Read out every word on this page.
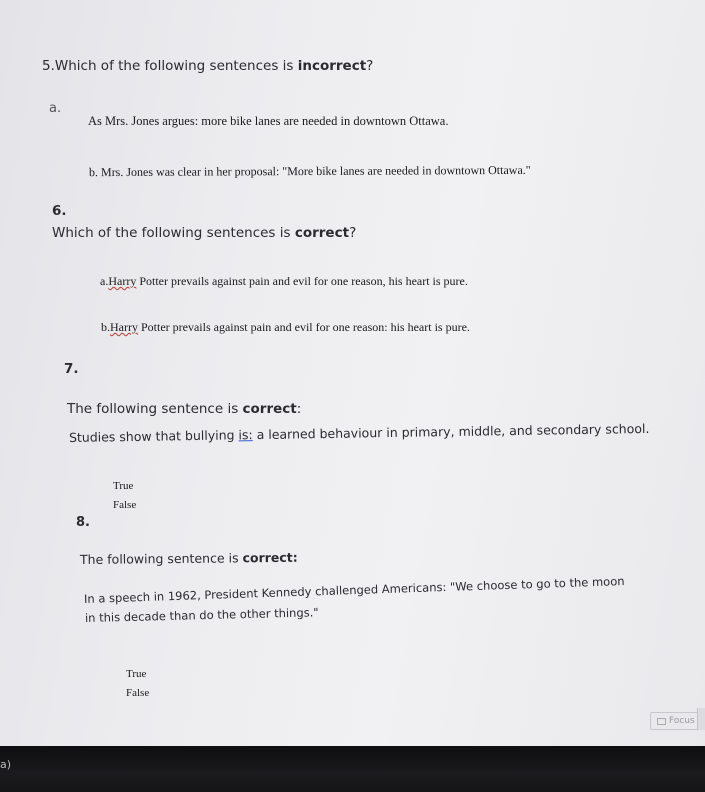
5.Which of the following sentences is incorrect?
a.
As Mrs. Jones argues: more bike lanes are needed in downtown Ottawa.
b. Mrs. Jones was clear in her proposal: "More bike lanes are needed in downtown Ottawa."
6.
Which of the following sentences is correct?
a.Harry Potter prevails against pain and evil for one reason, his heart is pure.
b.Harry Potter prevails against pain and evil for one reason: his heart is pure.
7.
The following sentence is correct:
Studies show that bullying is: a learned behaviour in primary, middle, and secondary school.
True
False
8.
The following sentence is correct:
In a speech in 1962, President Kennedy challenged Americans: "We choose to go to the moon
in this decade than do the other things."
True
False
Focus
a)
